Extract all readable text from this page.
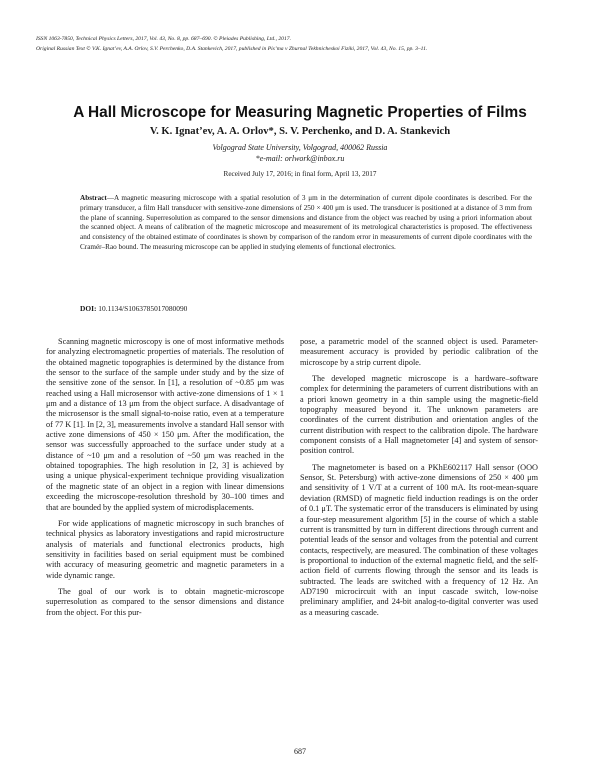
ISSN 1063-7850, Technical Physics Letters, 2017, Vol. 43, No. 8, pp. 687–690. © Pleiades Publishing, Ltd., 2017.
Original Russian Text © V.K. Ignat’ev, A.A. Orlov, S.V. Perchenko, D.A. Stankevich, 2017, published in Pis’ma v Zhurnal Tekhnicheskoi Fiziki, 2017, Vol. 43, No. 15, pp. 3–11.
A Hall Microscope for Measuring Magnetic Properties of Films
V. K. Ignat’ev, A. A. Orlov*, S. V. Perchenko, and D. A. Stankevich
Volgograd State University, Volgograd, 400062 Russia
*e-mail: orlwork@inbox.ru
Received July 17, 2016; in final form, April 13, 2017
Abstract—A magnetic measuring microscope with a spatial resolution of 3 μm in the determination of current dipole coordinates is described. For the primary transducer, a film Hall transducer with sensitive-zone dimensions of 250 × 400 μm is used. The transducer is positioned at a distance of 3 mm from the plane of scanning. Superresolution as compared to the sensor dimensions and distance from the object was reached by using a priori information about the scanned object. A means of calibration of the magnetic microscope and measurement of its metrological characteristics is proposed. The effectiveness and consistency of the obtained estimate of coordinates is shown by comparison of the random error in measurements of current dipole coordinates with the Cramér–Rao bound. The measuring microscope can be applied in studying elements of functional electronics.
DOI: 10.1134/S1063785017080090

Scanning magnetic microscopy is one of most informative methods for analyzing electromagnetic properties of materials. The resolution of the obtained magnetic topographies is determined by the distance from the sensor to the surface of the sample under study and by the size of the sensitive zone of the sensor. In [1], a resolution of ~0.85 μm was reached using a Hall microsensor with active-zone dimensions of 1 × 1 μm and a distance of 13 μm from the object surface. A disadvantage of the microsensor is the small signal-to-noise ratio, even at a temperature of 77 K [1]. In [2, 3], measurements involve a standard Hall sensor with active zone dimensions of 450 × 150 μm. After the modification, the sensor was successfully approached to the surface under study at a distance of ~10 μm and a resolution of ~50 μm was reached in the obtained topographies. The high resolution in [2, 3] is achieved by using a unique physical-experiment technique providing visualization of the magnetic state of an object in a region with linear dimensions exceeding the microscope-resolution threshold by 30–100 times and that are bounded by the applied system of microdisplacements.

For wide applications of magnetic microscopy in such branches of technical physics as laboratory investigations and rapid microstructure analysis of materials and functional electronics products, high sensitivity in facilities based on serial equipment must be combined with accuracy of measuring geometric and magnetic parameters in a wide dynamic range.

The goal of our work is to obtain magnetic-microscope superresolution as compared to the sensor dimensions and distance from the object. For this pur-

pose, a parametric model of the scanned object is used. Parameter-measurement accuracy is provided by periodic calibration of the microscope by a strip current dipole.

The developed magnetic microscope is a hardware–software complex for determining the parameters of current distributions with an a priori known geometry in a thin sample using the magnetic-field topography measured beyond it. The unknown parameters are coordinates of the current distribution and orientation angles of the current distribution with respect to the calibration dipole. The hardware component consists of a Hall magnetometer [4] and system of sensor-position control.

The magnetometer is based on a PKhE602117 Hall sensor (OOO Sensor, St. Petersburg) with active-zone dimensions of 250 × 400 μm and sensitivity of 1 V/T at a current of 100 mA. Its root-mean-square deviation (RMSD) of magnetic field induction readings is on the order of 0.1 μT. The systematic error of the transducers is eliminated by using a four-step measurement algorithm [5] in the course of which a stable current is transmitted by turn in different directions through current and potential leads of the sensor and voltages from the potential and current contacts, respectively, are measured. The combination of these voltages is proportional to induction of the external magnetic field, and the self-action field of currents flowing through the sensor and its leads is subtracted. The leads are switched with a frequency of 12 Hz. An AD7190 microcircuit with an input cascade switch, low-noise preliminary amplifier, and 24-bit analog-to-digital converter was used as a measuring cascade.

687
